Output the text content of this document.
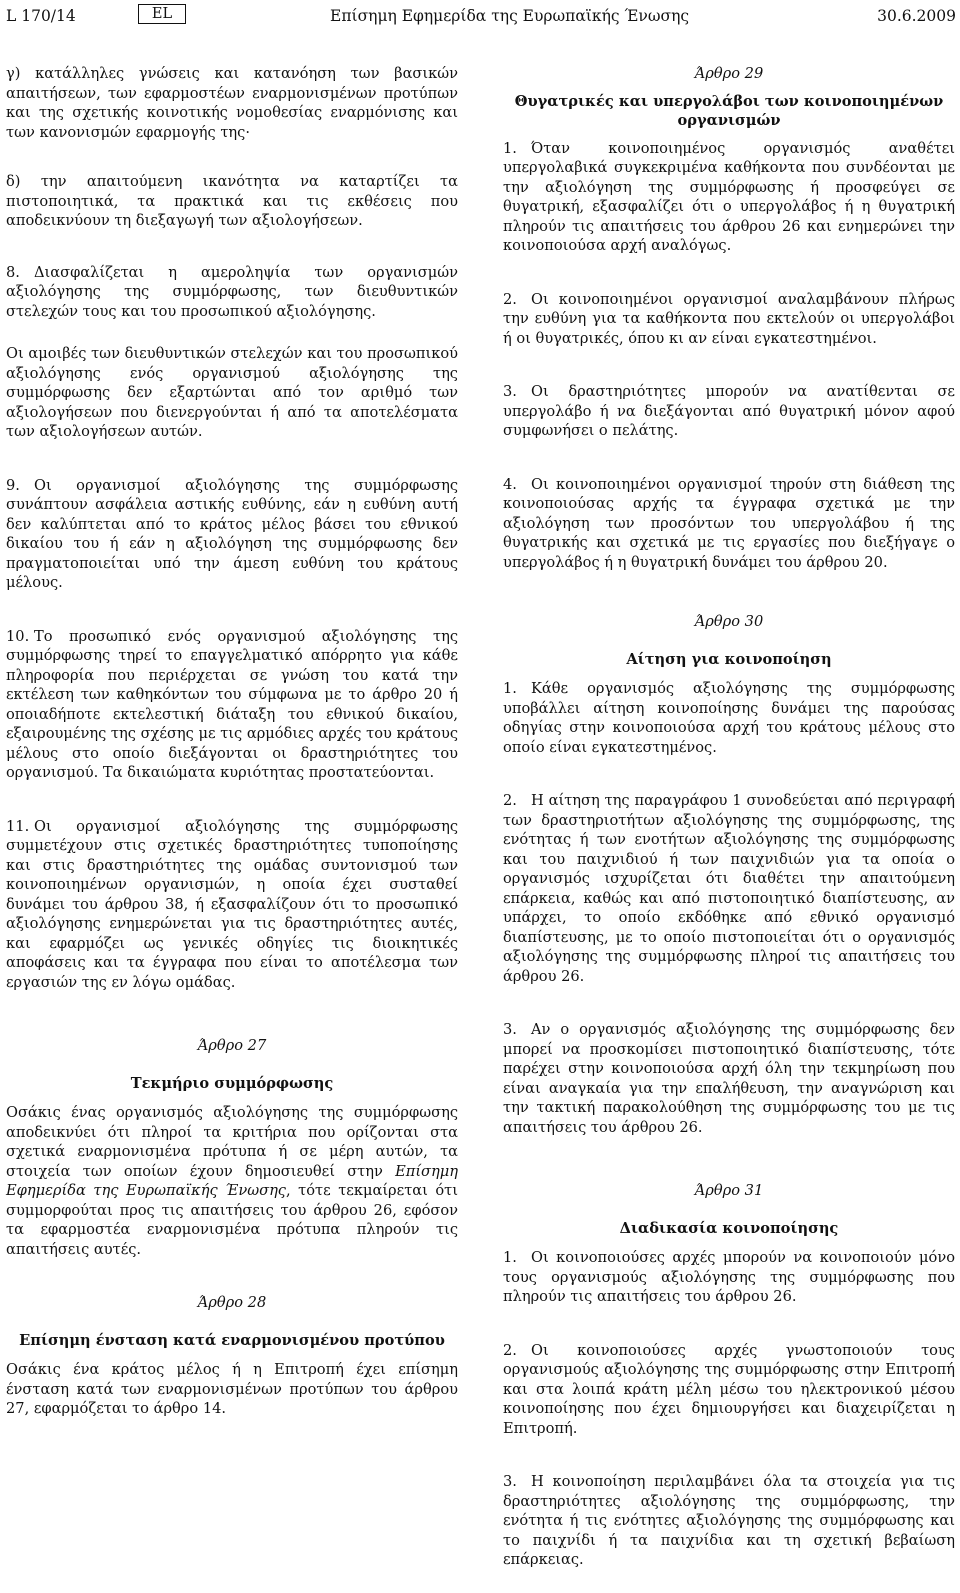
L 170/14	EL	Επίσημη Εφημερίδα της Ευρωπαϊκής Ένωσης	30.6.2009

γ) κατάλληλες γνώσεις και κατανόηση των βασικών απαιτήσεων, των εφαρμοστέων εναρμονισμένων προτύπων και της σχετικής κοινοτικής νομοθεσίας εναρμόνισης και των κανονισμών εφαρμογής της·

δ) την απαιτούμενη ικανότητα να καταρτίζει τα πιστοποιητικά, τα πρακτικά και τις εκθέσεις που αποδεικνύουν τη διεξαγωγή των αξιολογήσεων.

8. Διασφαλίζεται η αμεροληψία των οργανισμών αξιολόγησης της συμμόρφωσης, των διευθυντικών στελεχών τους και του προσωπικού αξιολόγησης.

Οι αμοιβές των διευθυντικών στελεχών και του προσωπικού αξιολόγησης ενός οργανισμού αξιολόγησης της συμμόρφωσης δεν εξαρτώνται από τον αριθμό των αξιολογήσεων που διενεργούνται ή από τα αποτελέσματα των αξιολογήσεων αυτών.

9. Οι οργανισμοί αξιολόγησης της συμμόρφωσης συνάπτουν ασφάλεια αστικής ευθύνης, εάν η ευθύνη αυτή δεν καλύπτεται από το κράτος μέλος βάσει του εθνικού δικαίου του ή εάν η αξιολόγηση της συμμόρφωσης δεν πραγματοποιείται υπό την άμεση ευθύνη του κράτους μέλους.

10. Το προσωπικό ενός οργανισμού αξιολόγησης της συμμόρφωσης τηρεί το επαγγελματικό απόρρητο για κάθε πληροφορία που περιέρχεται σε γνώση του κατά την εκτέλεση των καθηκόντων του σύμφωνα με το άρθρο 20 ή οποιαδήποτε εκτελεστική διάταξη του εθνικού δικαίου, εξαιρουμένης της σχέσης με τις αρμόδιες αρχές του κράτους μέλους στο οποίο διεξάγονται οι δραστηριότητες του οργανισμού. Τα δικαιώματα κυριότητας προστατεύονται.

11. Οι οργανισμοί αξιολόγησης της συμμόρφωσης συμμετέχουν στις σχετικές δραστηριότητες τυποποίησης και στις δραστηριότητες της ομάδας συντονισμού των κοινοποιημένων οργανισμών, η οποία έχει συσταθεί δυνάμει του άρθρου 38, ή εξασφαλίζουν ότι το προσωπικό αξιολόγησης ενημερώνεται για τις δραστηριότητες αυτές, και εφαρμόζει ως γενικές οδηγίες τις διοικητικές αποφάσεις και τα έγγραφα που είναι το αποτέλεσμα των εργασιών της εν λόγω ομάδας.

Άρθρο 27

Τεκμήριο συμμόρφωσης

Οσάκις ένας οργανισμός αξιολόγησης της συμμόρφωσης αποδεικνύει ότι πληροί τα κριτήρια που ορίζονται στα σχετικά εναρμονισμένα πρότυπα ή σε μέρη αυτών, τα στοιχεία των οποίων έχουν δημοσιευθεί στην Επίσημη Εφημερίδα της Ευρωπαϊκής Ένωσης, τότε τεκμαίρεται ότι συμμορφούται προς τις απαιτήσεις του άρθρου 26, εφόσον τα εφαρμοστέα εναρμονισμένα πρότυπα πληρούν τις απαιτήσεις αυτές.

Άρθρο 28

Επίσημη ένσταση κατά εναρμονισμένου προτύπου

Οσάκις ένα κράτος μέλος ή η Επιτροπή έχει επίσημη ένσταση κατά των εναρμονισμένων προτύπων του άρθρου 27, εφαρμόζεται το άρθρο 14.

Άρθρο 29

Θυγατρικές και υπεργολάβοι των κοινοποιημένων οργανισμών

1. Όταν κοινοποιημένος οργανισμός αναθέτει υπεργολαβικά συγκεκριμένα καθήκοντα που συνδέονται με την αξιολόγηση της συμμόρφωσης ή προσφεύγει σε θυγατρική, εξασφαλίζει ότι ο υπεργολάβος ή η θυγατρική πληρούν τις απαιτήσεις του άρθρου 26 και ενημερώνει την κοινοποιούσα αρχή αναλόγως.

2. Οι κοινοποιημένοι οργανισμοί αναλαμβάνουν πλήρως την ευθύνη για τα καθήκοντα που εκτελούν οι υπεργολάβοι ή οι θυγατρικές, όπου κι αν είναι εγκατεστημένοι.

3. Οι δραστηριότητες μπορούν να ανατίθενται σε υπεργολάβο ή να διεξάγονται από θυγατρική μόνον αφού συμφωνήσει ο πελάτης.

4. Οι κοινοποιημένοι οργανισμοί τηρούν στη διάθεση της κοινοποιούσας αρχής τα έγγραφα σχετικά με την αξιολόγηση των προσόντων του υπεργολάβου ή της θυγατρικής και σχετικά με τις εργασίες που διεξήγαγε ο υπεργολάβος ή η θυγατρική δυνάμει του άρθρου 20.

Άρθρο 30

Αίτηση για κοινοποίηση

1. Κάθε οργανισμός αξιολόγησης της συμμόρφωσης υποβάλλει αίτηση κοινοποίησης δυνάμει της παρούσας οδηγίας στην κοινοποιούσα αρχή του κράτους μέλους στο οποίο είναι εγκατεστημένος.

2. Η αίτηση της παραγράφου 1 συνοδεύεται από περιγραφή των δραστηριοτήτων αξιολόγησης της συμμόρφωσης, της ενότητας ή των ενοτήτων αξιολόγησης της συμμόρφωσης και του παιχνιδιού ή των παιχνιδιών για τα οποία ο οργανισμός ισχυρίζεται ότι διαθέτει την απαιτούμενη επάρκεια, καθώς και από πιστοποιητικό διαπίστευσης, αν υπάρχει, το οποίο εκδόθηκε από εθνικό οργανισμό διαπίστευσης, με το οποίο πιστοποιείται ότι ο οργανισμός αξιολόγησης της συμμόρφωσης πληροί τις απαιτήσεις του άρθρου 26.

3. Αν ο οργανισμός αξιολόγησης της συμμόρφωσης δεν μπορεί να προσκομίσει πιστοποιητικό διαπίστευσης, τότε παρέχει στην κοινοποιούσα αρχή όλη την τεκμηρίωση που είναι αναγκαία για την επαλήθευση, την αναγνώριση και την τακτική παρακολούθηση της συμμόρφωσης του με τις απαιτήσεις του άρθρου 26.

Άρθρο 31

Διαδικασία κοινοποίησης

1. Οι κοινοποιούσες αρχές μπορούν να κοινοποιούν μόνο τους οργανισμούς αξιολόγησης της συμμόρφωσης που πληρούν τις απαιτήσεις του άρθρου 26.

2. Οι κοινοποιούσες αρχές γνωστοποιούν τους οργανισμούς αξιολόγησης της συμμόρφωσης στην Επιτροπή και στα λοιπά κράτη μέλη μέσω του ηλεκτρονικού μέσου κοινοποίησης που έχει δημιουργήσει και διαχειρίζεται η Επιτροπή.

3. Η κοινοποίηση περιλαμβάνει όλα τα στοιχεία για τις δραστηριότητες αξιολόγησης της συμμόρφωσης, την ενότητα ή τις ενότητες αξιολόγησης της συμμόρφωσης και το παιχνίδι ή τα παιχνίδια και τη σχετική βεβαίωση επάρκειας.
